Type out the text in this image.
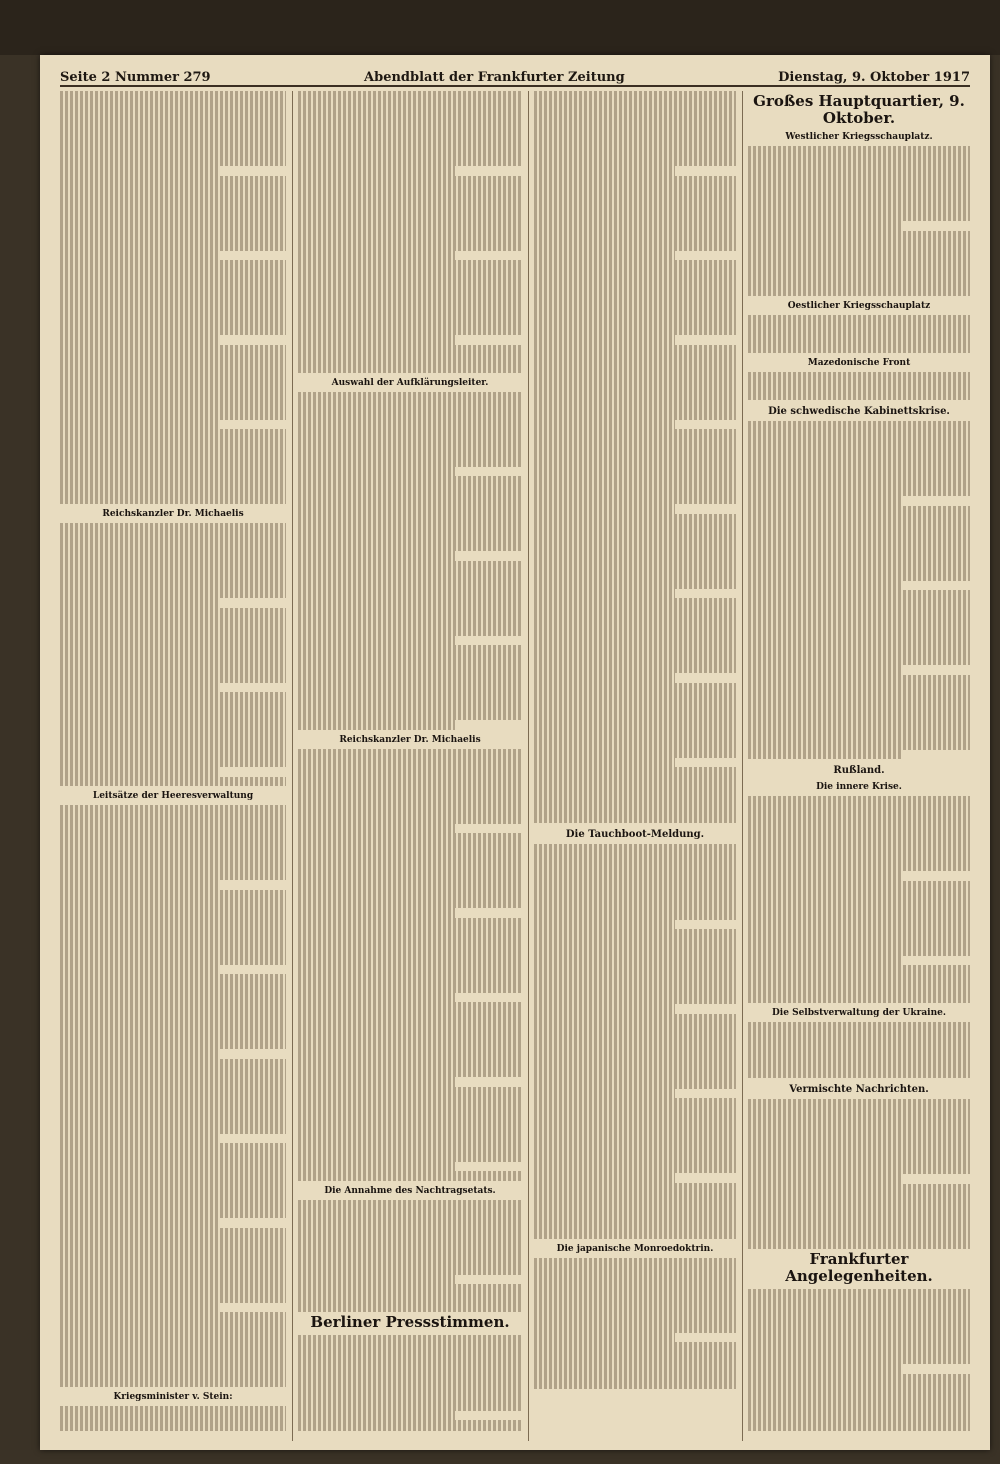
Seite 2 Nummer 279	Abendblatt der Frankfurter Zeitung	Dienstag, 9. Oktober 1917
Reichskanzler Dr. Michaelis
Leitsätze der Heeresverwaltung
Kriegsminister v. Stein:
Auswahl der Aufklärungsleiter.
Reichskanzler Dr. Michaelis
Die Annahme des Nachtragsetats.
Berliner Pressstimmen.
Die Tauchboot-Meldung.
Die japanische Monroedoktrin.
Großes Hauptquartier, 9. Oktober.
Westlicher Kriegsschauplatz.
Oestlicher Kriegsschauplatz
Mazedonische Front
Die schwedische Kabinettskrise.
Rußland.
Die innere Krise.
Die Selbstverwaltung der Ukraine.
Vermischte Nachrichten.
Frankfurter Angelegenheiten.
